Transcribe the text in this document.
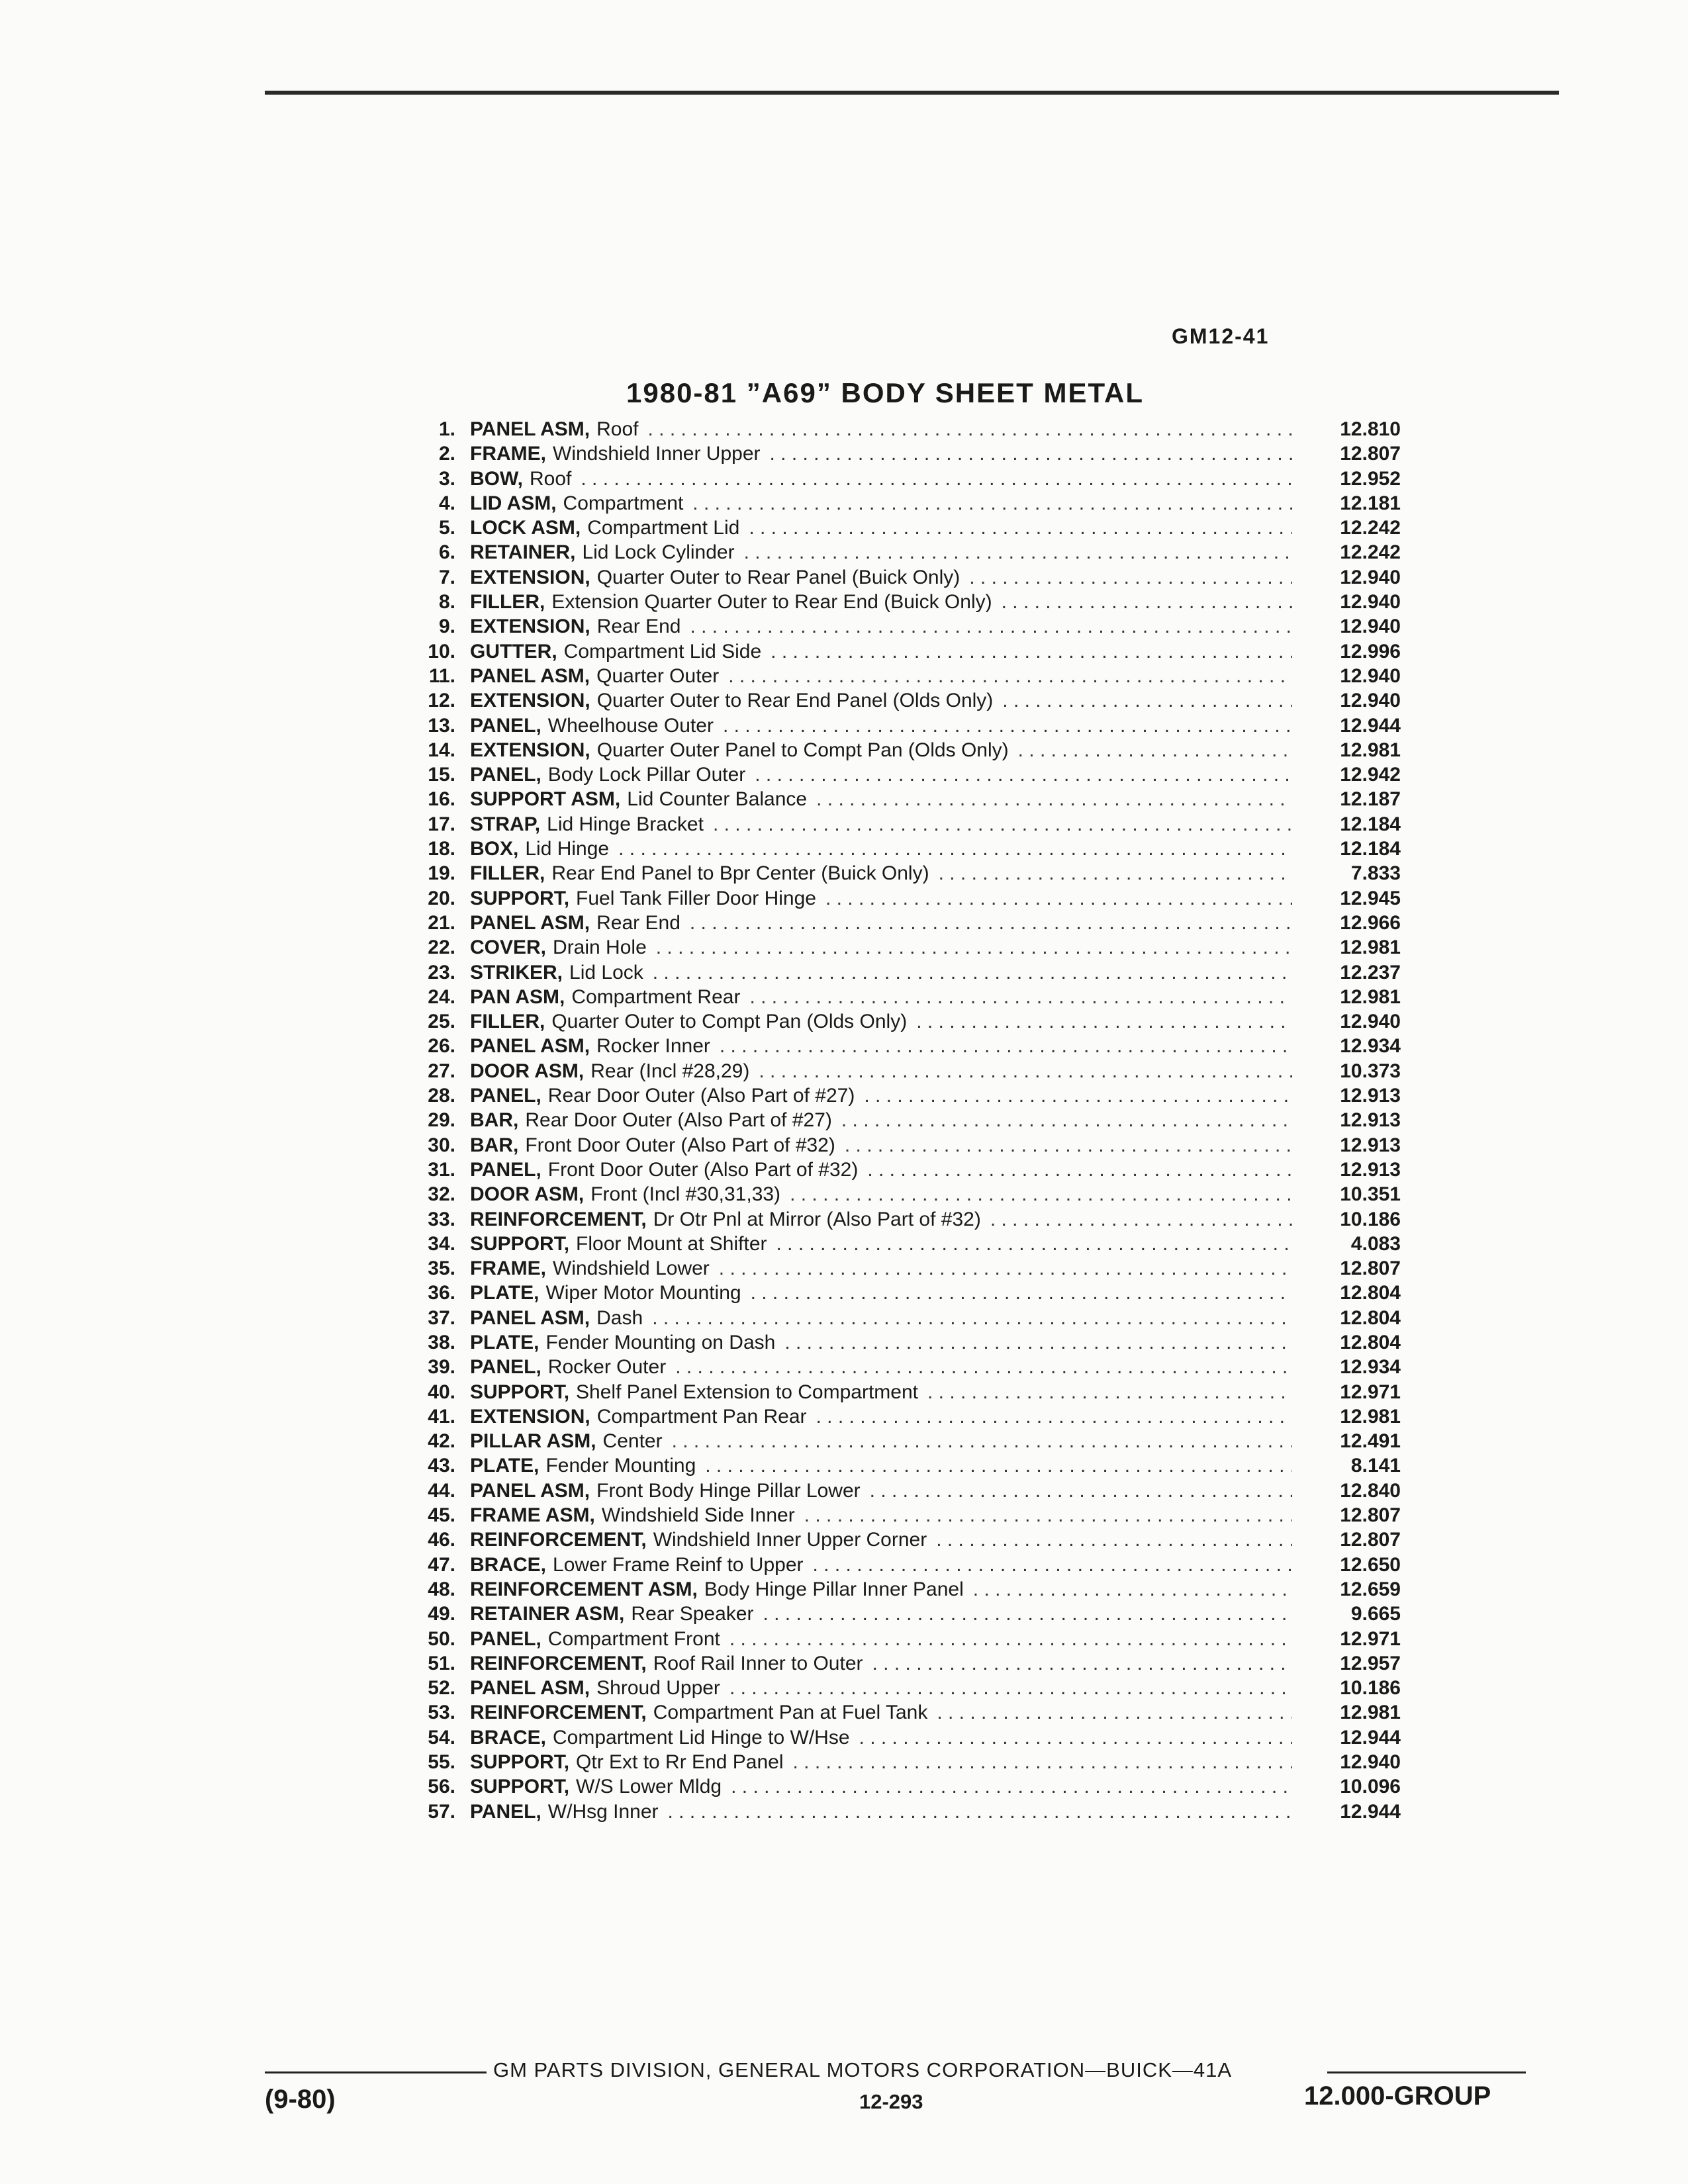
GM12-41
1980-81 ”A69” BODY SHEET METAL
1. PANEL ASM, Roof . . .	12.810
2. FRAME, Windshield Inner Upper . . .	12.807
3. BOW, Roof . . .	12.952
4. LID ASM, Compartment . . .	12.181
5. LOCK ASM, Compartment Lid . . .	12.242
6. RETAINER, Lid Lock Cylinder . . .	12.242
7. EXTENSION, Quarter Outer to Rear Panel (Buick Only) . . .	12.940
8. FILLER, Extension Quarter Outer to Rear End (Buick Only) . . .	12.940
9. EXTENSION, Rear End . . .	12.940
10. GUTTER, Compartment Lid Side . . .	12.996
11. PANEL ASM, Quarter Outer . . .	12.940
12. EXTENSION, Quarter Outer to Rear End Panel (Olds Only) . . .	12.940
13. PANEL, Wheelhouse Outer . . .	12.944
14. EXTENSION, Quarter Outer Panel to Compt Pan (Olds Only) . . .	12.981
15. PANEL, Body Lock Pillar Outer . . .	12.942
16. SUPPORT ASM, Lid Counter Balance . . .	12.187
17. STRAP, Lid Hinge Bracket . . .	12.184
18. BOX, Lid Hinge . . .	12.184
19. FILLER, Rear End Panel to Bpr Center (Buick Only) . . .	7.833
20. SUPPORT, Fuel Tank Filler Door Hinge . . .	12.945
21. PANEL ASM, Rear End . . .	12.966
22. COVER, Drain Hole . . .	12.981
23. STRIKER, Lid Lock . . .	12.237
24. PAN ASM, Compartment Rear . . .	12.981
25. FILLER, Quarter Outer to Compt Pan (Olds Only) . . .	12.940
26. PANEL ASM, Rocker Inner . . .	12.934
27. DOOR ASM, Rear (Incl #28,29) . . .	10.373
28. PANEL, Rear Door Outer (Also Part of #27) . . .	12.913
29. BAR, Rear Door Outer (Also Part of #27) . . .	12.913
30. BAR, Front Door Outer (Also Part of #32) . . .	12.913
31. PANEL, Front Door Outer (Also Part of #32) . . .	12.913
32. DOOR ASM, Front (Incl #30,31,33) . . .	10.351
33. REINFORCEMENT, Dr Otr Pnl at Mirror (Also Part of #32) . . .	10.186
34. SUPPORT, Floor Mount at Shifter . . .	4.083
35. FRAME, Windshield Lower . . .	12.807
36. PLATE, Wiper Motor Mounting . . .	12.804
37. PANEL ASM, Dash . . .	12.804
38. PLATE, Fender Mounting on Dash . . .	12.804
39. PANEL, Rocker Outer . . .	12.934
40. SUPPORT, Shelf Panel Extension to Compartment . . .	12.971
41. EXTENSION, Compartment Pan Rear . . .	12.981
42. PILLAR ASM, Center . . .	12.491
43. PLATE, Fender Mounting . . .	8.141
44. PANEL ASM, Front Body Hinge Pillar Lower . . .	12.840
45. FRAME ASM, Windshield Side Inner . . .	12.807
46. REINFORCEMENT, Windshield Inner Upper Corner . . .	12.807
47. BRACE, Lower Frame Reinf to Upper . . .	12.650
48. REINFORCEMENT ASM, Body Hinge Pillar Inner Panel . . .	12.659
49. RETAINER ASM, Rear Speaker . . .	9.665
50. PANEL, Compartment Front . . .	12.971
51. REINFORCEMENT, Roof Rail Inner to Outer . . .	12.957
52. PANEL ASM, Shroud Upper . . .	10.186
53. REINFORCEMENT, Compartment Pan at Fuel Tank . . .	12.981
54. BRACE, Compartment Lid Hinge to W/Hse . . .	12.944
55. SUPPORT, Qtr Ext to Rr End Panel . . .	12.940
56. SUPPORT, W/S Lower Mldg . . .	10.096
57. PANEL, W/Hsg Inner . . .	12.944
GM PARTS DIVISION, GENERAL MOTORS CORPORATION—BUICK—41A
(9-80)	12-293	12.000-GROUP
